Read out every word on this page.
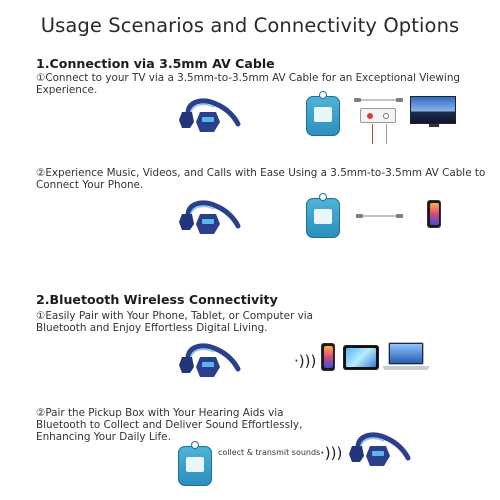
Usage Scenarios and Connectivity Options
1.Connection via 3.5mm AV Cable
①Connect to your TV via a 3.5mm-to-3.5mm AV Cable for an Exceptional Viewing Experience.
②Experience Music, Videos, and Calls with Ease Using a 3.5mm-to-3.5mm AV Cable to
Connect Your Phone.
2.Bluetooth Wireless Connectivity
①Easily Pair with Your Phone, Tablet, or Computer via
Bluetooth and Enjoy Effortless Digital Living.
·)))
②Pair the Pickup Box with Your Hearing Aids via
Bluetooth to Collect and Deliver Sound Effortlessly,
Enhancing Your Daily Life.
collect & transmit sounds ·)))
